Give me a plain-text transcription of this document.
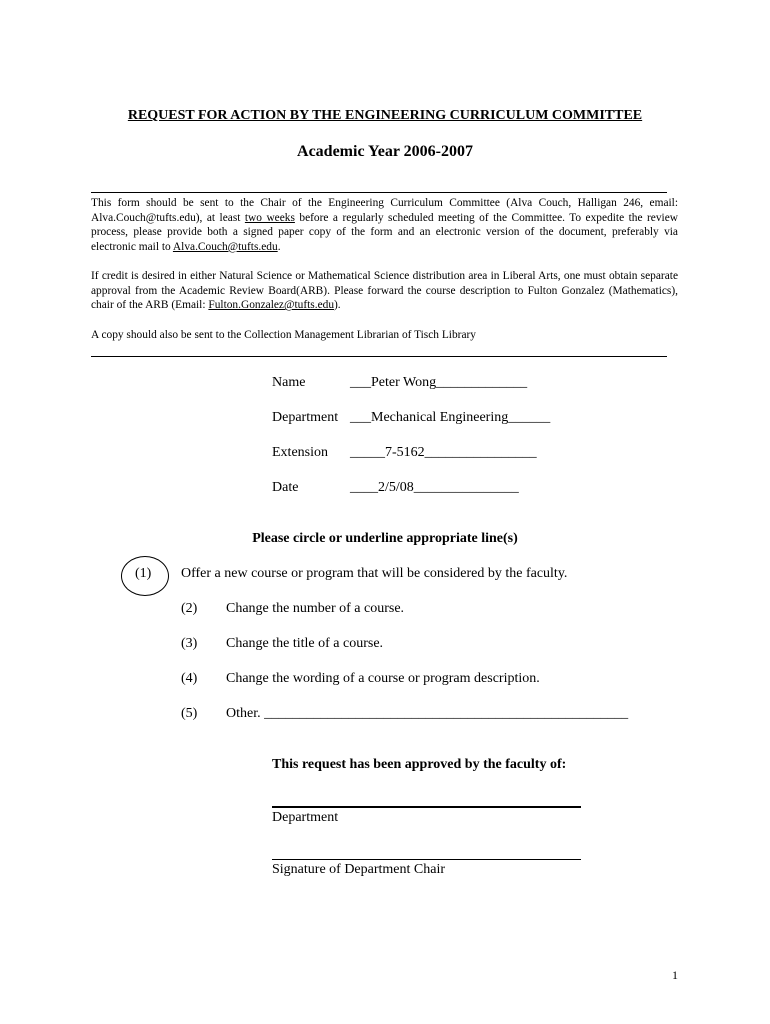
REQUEST FOR ACTION BY THE ENGINEERING CURRICULUM COMMITTEE
Academic Year 2006-2007
This form should be sent to the Chair of the Engineering Curriculum Committee (Alva Couch, Halligan 246, email: Alva.Couch@tufts.edu), at least two weeks before a regularly scheduled meeting of the Committee. To expedite the review process, please provide both a signed paper copy of the form and an electronic version of the document, preferably via electronic mail to Alva.Couch@tufts.edu.
If credit is desired in either Natural Science or Mathematical Science distribution area in Liberal Arts, one must obtain separate approval from the Academic Review Board(ARB). Please forward the course description to Fulton Gonzalez (Mathematics), chair of the ARB (Email: Fulton.Gonzalez@tufts.edu).
A copy should also be sent to the Collection Management Librarian of Tisch Library
Name	___Peter Wong_____________
Department ___Mechanical Engineering______
Extension _____7-5162________________
Date	____2/5/08_______________
Please circle or underline appropriate line(s)
(1) Offer a new course or program that will be considered by the faculty.
(2) Change the number of a course.
(3) Change the title of a course.
(4) Change the wording of a course or program description.
(5) Other. ____________________________________________________
This request has been approved by the faculty of:
Department
Signature of Department Chair
1
